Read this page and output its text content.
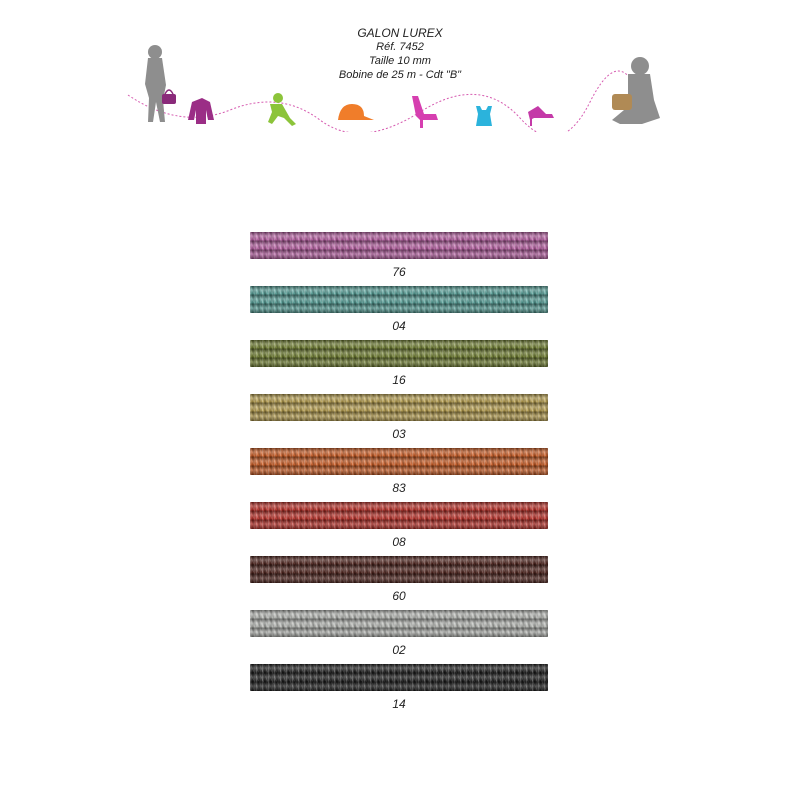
GALON LUREX
Réf. 7452
Taille 10 mm
Bobine de 25 m - Cdt "B"
76
04
16
03
83
08
60
02
14
